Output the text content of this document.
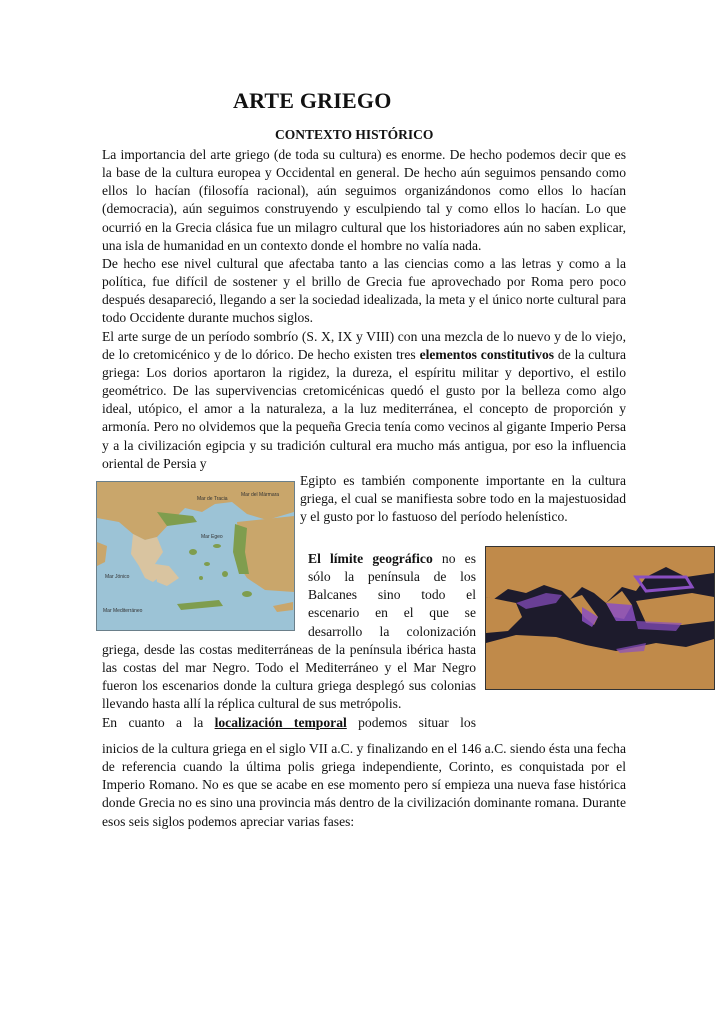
ARTE GRIEGO
CONTEXTO HISTÓRICO

La importancia del arte griego (de toda su cultura) es enorme. De hecho podemos decir que es la base de la cultura europea y Occidental en general. De hecho aún seguimos pensando como ellos lo hacían (filosofía racional), aún seguimos organizándonos como ellos lo hacían (democracia), aún seguimos construyendo y esculpiendo tal y como ellos lo hacían. Lo que ocurrió en la Grecia clásica fue un milagro cultural que los historiadores aún no saben explicar, una isla de humanidad en un contexto donde el hombre no valía nada.

De hecho ese nivel cultural que afectaba tanto a las ciencias como a las letras y como a la política, fue difícil de sostener y el brillo de Grecia fue aprovechado por Roma pero poco después desapareció, llegando a ser la sociedad idealizada, la meta y el único norte cultural para todo Occidente durante muchos siglos.

El arte surge de un período sombrío (S. X, IX y VIII) con una mezcla de lo nuevo y de lo viejo, de lo cretomicénico y de lo dórico. De hecho existen tres elementos constitutivos de la cultura griega: Los dorios aportaron la rigidez, la dureza, el espíritu militar y deportivo, el estilo geométrico. De las supervivencias cretomicénicas quedó el gusto por la belleza como algo ideal, utópico, el amor a la naturaleza, a la luz mediterránea, el concepto de proporción y armonía. Pero no olvidemos que la pequeña Grecia tenía como vecinos al gigante Imperio Persa y a la civilización egipcia y su tradición cultural era mucho más antigua, por eso la influencia oriental de Persia y

Mar de Tracia
Mar del Mármara
Mar Egeo
Mar Jónico
Mar Mediterráneo

Egipto es también componente importante en la cultura griega, el cual se manifiesta sobre todo en la majestuosidad y el gusto por lo fastuoso del período helenístico.

El límite geográfico no es sólo la península de los Balcanes sino todo el escenario en el que se desarrollo la colonización

griega, desde las costas mediterráneas de la península ibérica hasta las costas del mar Negro. Todo el Mediterráneo y el Mar Negro fueron los escenarios donde la cultura griega desplegó sus colonias llevando hasta allí la réplica cultural de sus metrópolis.

En cuanto a la localización temporal podemos situar los

inicios de la cultura griega en el siglo VII a.C. y finalizando en el 146 a.C. siendo ésta una fecha de referencia cuando la última polis griega independiente, Corinto, es conquistada por el Imperio Romano. No es que se acabe en ese momento pero sí empieza una nueva fase histórica donde Grecia no es sino una provincia más dentro de la civilización dominante romana. Durante esos seis siglos podemos apreciar varias fases:
